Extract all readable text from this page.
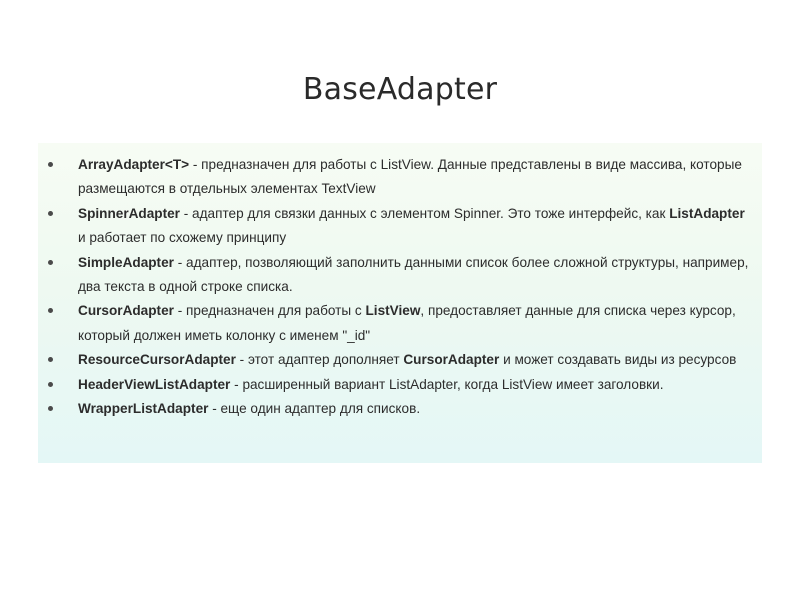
BaseAdapter
ArrayAdapter<T> - предназначен для работы с ListView. Данные представлены в виде массива, которые размещаются в отдельных элементах TextView
SpinnerAdapter - адаптер для связки данных с элементом Spinner. Это тоже интерфейс, как ListAdapter и работает по схожему принципу
SimpleAdapter - адаптер, позволяющий заполнить данными список более сложной структуры, например, два текста в одной строке списка.
CursorAdapter - предназначен для работы с ListView, предоставляет данные для списка через курсор, который должен иметь колонку с именем "_id"
ResourceCursorAdapter - этот адаптер дополняет CursorAdapter и может создавать виды из ресурсов
HeaderViewListAdapter - расширенный вариант ListAdapter, когда ListView имеет заголовки.
WrapperListAdapter - еще один адаптер для списков.
